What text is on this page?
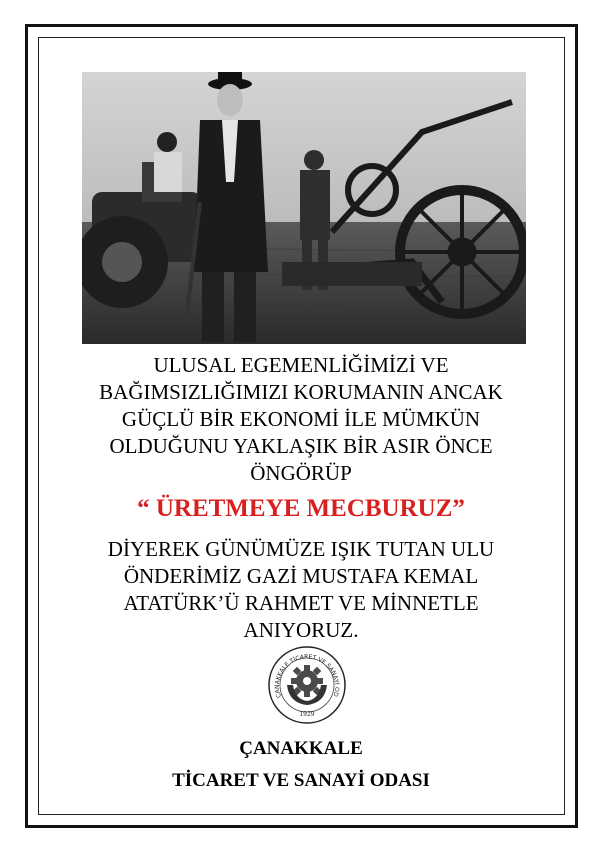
ULUSAL EGEMENLİĞİMİZİ VE
BAĞIMSIZLIĞIMIZI KORUMANIN ANCAK
GÜÇLÜ BİR EKONOMİ İLE MÜMKÜN
OLDUĞUNU YAKLAŞIK BİR ASIR ÖNCE
ÖNGÖRÜP
“ ÜRETMEYE MECBURUZ”
DİYEREK GÜNÜMÜZE IŞIK TUTAN ULU
ÖNDERİMİZ GAZİ MUSTAFA KEMAL
ATATÜRK’Ü RAHMET VE MİNNETLE
ANIYORUZ.
ÇANAKKALE TİCARET VE SANAYİ OD
1929
ÇANAKKALE
TİCARET VE SANAYİ ODASI
